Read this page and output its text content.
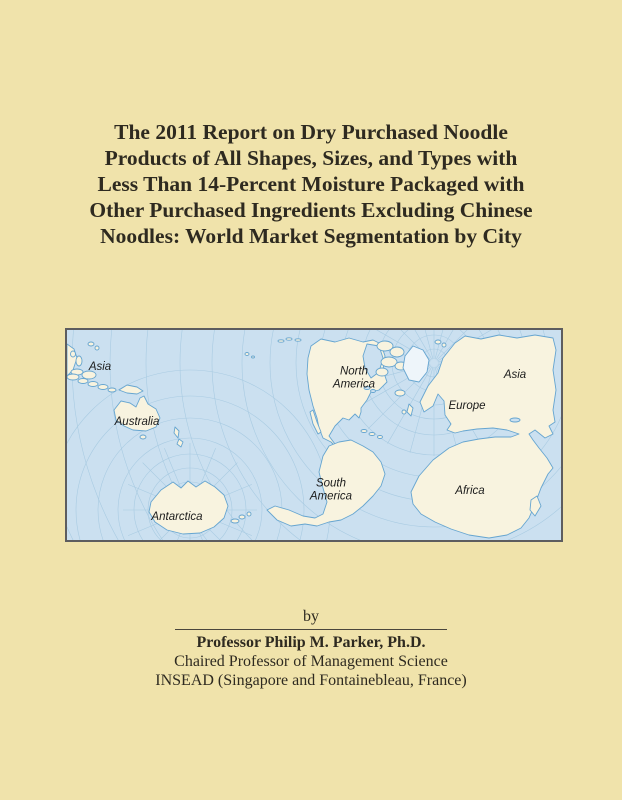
The 2011 Report on Dry Purchased Noodle
Products of All Shapes, Sizes, and Types with
Less Than 14-Percent Moisture Packaged with
Other Purchased Ingredients Excluding Chinese
Noodles: World Market Segmentation by City
Asia
Australia
North
America
Asia
Europe
South
America	Africa
Antarctica
by
Professor Philip M. Parker, Ph.D.
Chaired Professor of Management Science
INSEAD (Singapore and Fontainebleau, France)
